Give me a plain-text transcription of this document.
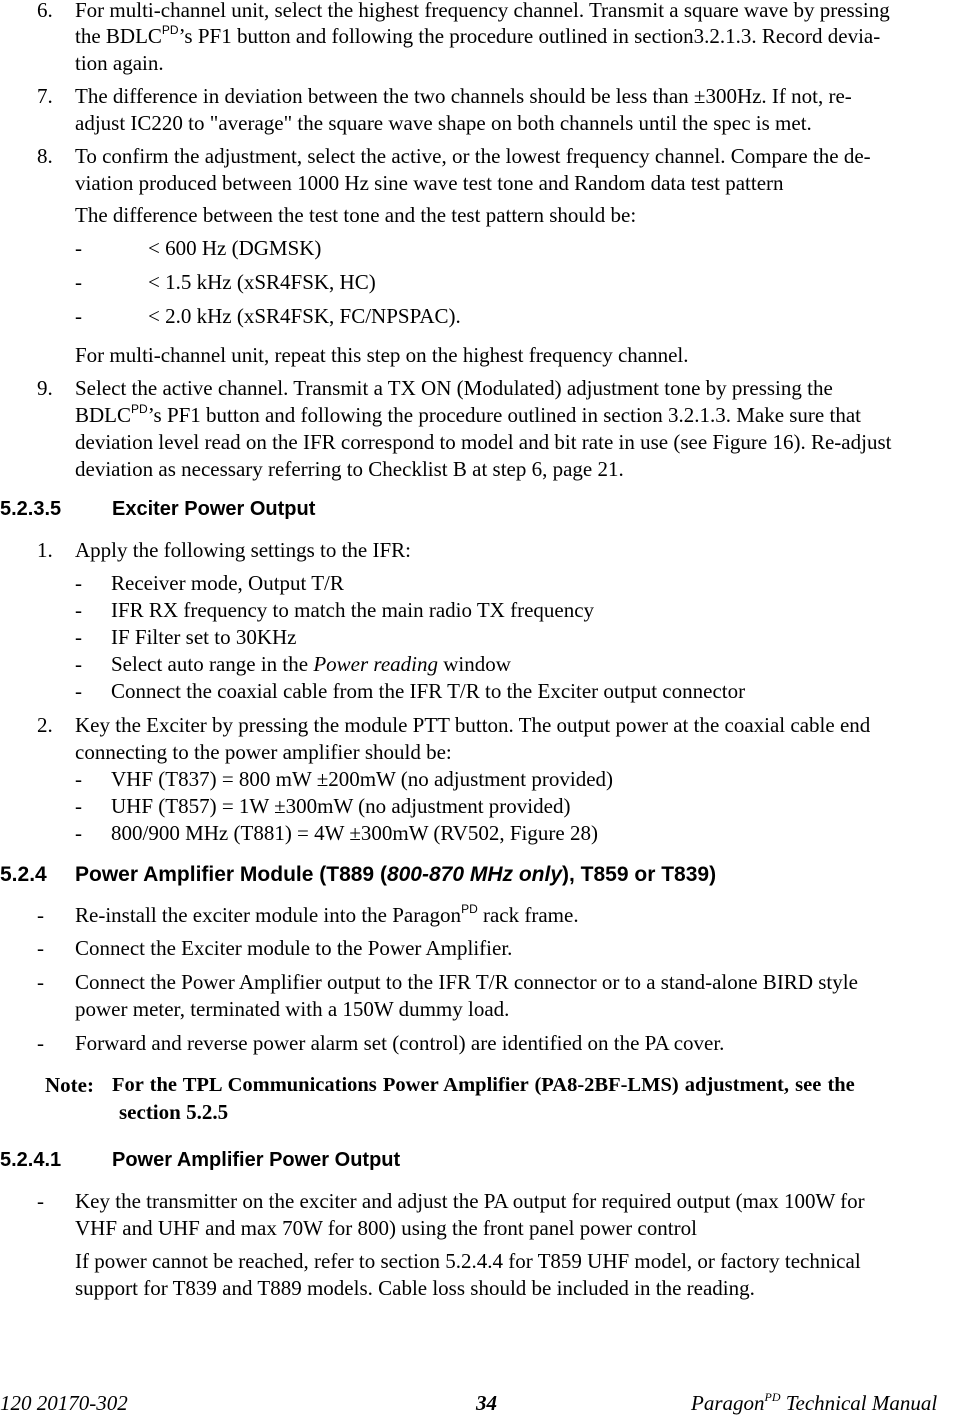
6. For multi-channel unit, select the highest frequency channel. Transmit a square wave by pressing
the $BDLC^{PD}’s$ PF1 button and following the procedure outlined in section3.2.1.3. Record devia-
tion again.
7. The difference in deviation between the two channels should be less than ±300Hz. If not, re-
adjust IC220 to "average" the square wave shape on both channels until the spec is met.
8. To confirm the adjustment, select the active, or the lowest frequency channel. Compare the de-
viation produced between 1000 Hz sine wave test tone and Random data test pattern
The difference between the test tone and the test pattern should be:
-	< 600 Hz (DGMSK)
-	< 1.5 kHz (xSR4FSK, HC)
-	< 2.0 kHz (xSR4FSK, FC/NPSPAC).
For multi-channel unit, repeat this step on the highest frequency channel.
9. Select the active channel. Transmit a TX ON (Modulated) adjustment tone by pressing the
$BDLC^{PD}’s$ PF1 button and following the procedure outlined in section 3.2.1.3. Make sure that
deviation level read on the IFR correspond to model and bit rate in use (see Figure 16). Re-adjust
deviation as necessary referring to Checklist B at step 6, page 21.
5.2.3.5	Exciter Power Output
1. Apply the following settings to the IFR:
- Receiver mode, Output T/R
- IFR RX frequency to match the main radio TX frequency
- IF Filter set to 30KHz
- Select auto range in the Power reading window
- Connect the coaxial cable from the IFR T/R to the Exciter output connector
2. Key the Exciter by pressing the module PTT button. The output power at the coaxial cable end
connecting to the power amplifier should be:
- VHF (T837) = 800 mW ±200mW (no adjustment provided)
- UHF (T857) = 1W ±300mW (no adjustment provided)
- 800/900 MHz (T881) = 4W ±300mW (RV502, Figure 28)
5.2.4 Power Amplifier Module (T889 (800-870 MHz only), T859 or T839)
- Re-install the exciter module into the Paragon$^{PD}$ rack frame.
- Connect the Exciter module to the Power Amplifier.
- Connect the Power Amplifier output to the IFR T/R connector or to a stand-alone BIRD style
power meter, terminated with a 150W dummy load.
- Forward and reverse power alarm set (control) are identified on the PA cover.
Note: For the TPL Communications Power Amplifier (PA8-2BF-LMS) adjustment, see the
section 5.2.5
5.2.4.1	Power Amplifier Power Output
- Key the transmitter on the exciter and adjust the PA output for required output (max 100W for
VHF and UHF and max 70W for 800) using the front panel power control
If power cannot be reached, refer to section 5.2.4.4 for T859 UHF model, or factory technical
support for T839 and T889 models. Cable loss should be included in the reading.
120 20170-302	34	Paragon$^{PD}$ Technical Manual
